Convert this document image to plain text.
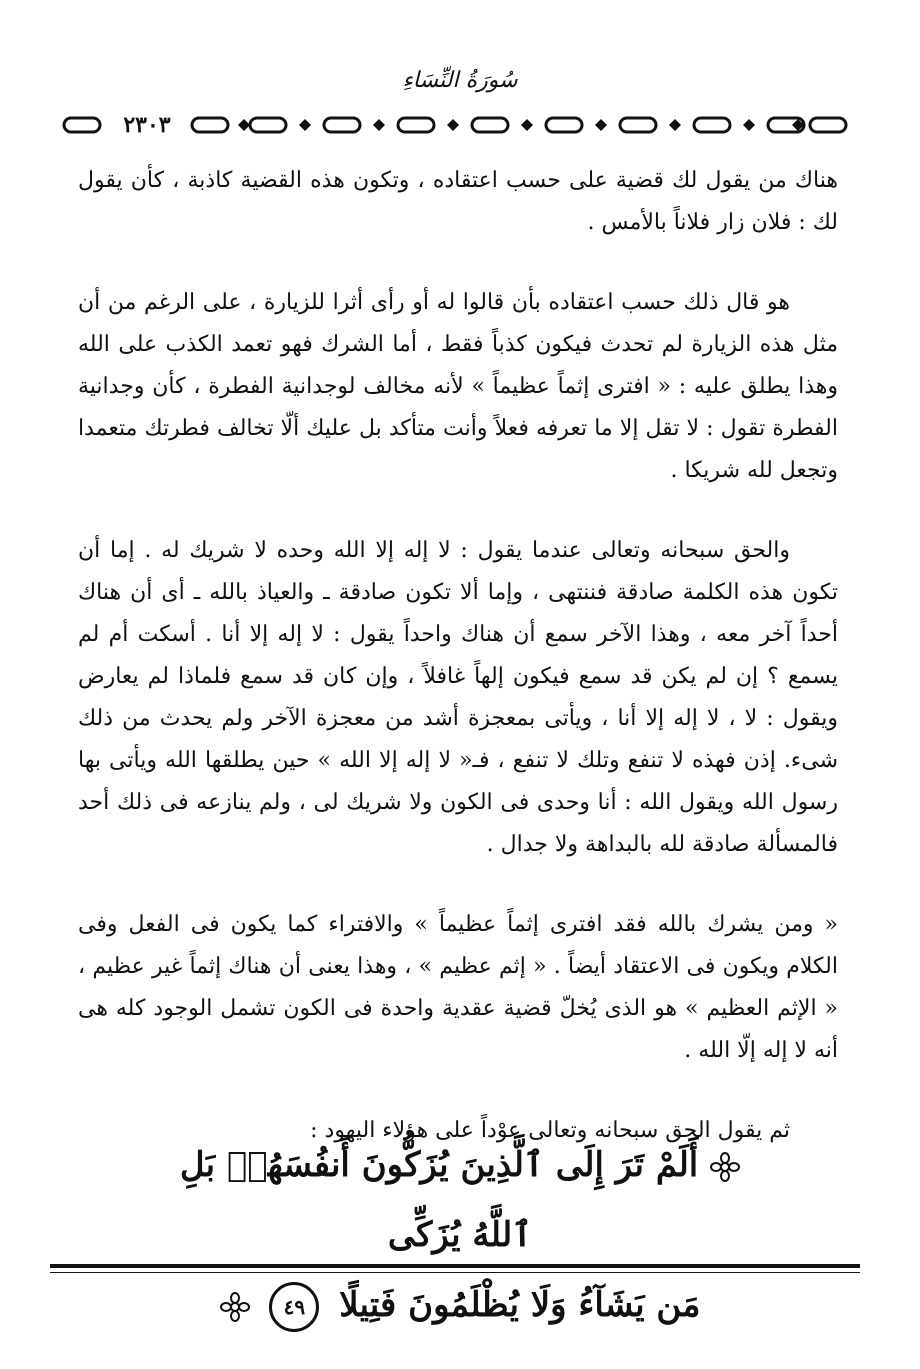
سُورَةُ النِّسَاءِ
٢٣٠٣

هناك من يقول لك قضية على حسب اعتقاده ، وتكون هذه القضية كاذبة ، كأن يقول لك : فلان زار فلاناً بالأمس .

هو قال ذلك حسب اعتقاده بأن قالوا له أو رأى أثرا للزيارة ، على الرغم من أن مثل هذه الزيارة لم تحدث فيكون كذباً فقط ، أما الشرك فهو تعمد الكذب على الله وهذا يطلق عليه : « افترى إثماً عظيماً » لأنه مخالف لوجدانية الفطرة ، كأن وجدانية الفطرة تقول : لا تقل إلا ما تعرفه فعلاً وأنت متأكد بل عليك ألّا تخالف فطرتك متعمدا وتجعل لله شريكا .

والحق سبحانه وتعالى عندما يقول : لا إله إلا الله وحده لا شريك له . إما أن تكون هذه الكلمة صادقة فننتهى ، وإما ألا تكون صادقة ـ والعياذ بالله ـ أى أن هناك أحداً آخر معه ، وهذا الآخر سمع أن هناك واحداً يقول : لا إله إلا أنا . أسكت أم لم يسمع ؟ إن لم يكن قد سمع فيكون إلهاً غافلاً ، وإن كان قد سمع فلماذا لم يعارض ويقول : لا ، لا إله إلا أنا ، ويأتى بمعجزة أشد من معجزة الآخر ولم يحدث من ذلك شىء. إذن فهذه لا تنفع وتلك لا تنفع ، فـ« لا إله إلا الله » حين يطلقها الله ويأتى بها رسول الله ويقول الله : أنا وحدى فى الكون ولا شريك لى ، ولم ينازعه فى ذلك أحد فالمسألة صادقة لله بالبداهة ولا جدال .

« ومن يشرك بالله فقد افترى إثماً عظيماً » والافتراء كما يكون فى الفعل وفى الكلام ويكون فى الاعتقاد أيضاً . « إثم عظيم » ، وهذا يعنى أن هناك إثماً غير عظيم ، « الإثم العظيم » هو الذى يُخلّ قضية عقدية واحدة فى الكون تشمل الوجود كله هى أنه لا إله إلّا الله .

ثم يقول الحق سبحانه وتعالى عوْداً على هؤلاء اليهود :

أَلَمْ تَرَ إِلَى ٱلَّذِينَ يُزَكُّونَ أَنفُسَهُمۚ بَلِ ٱللَّهُ يُزَكِّى
مَن يَشَآءُ وَلَا يُظْلَمُونَ فَتِيلًا ٤٩
